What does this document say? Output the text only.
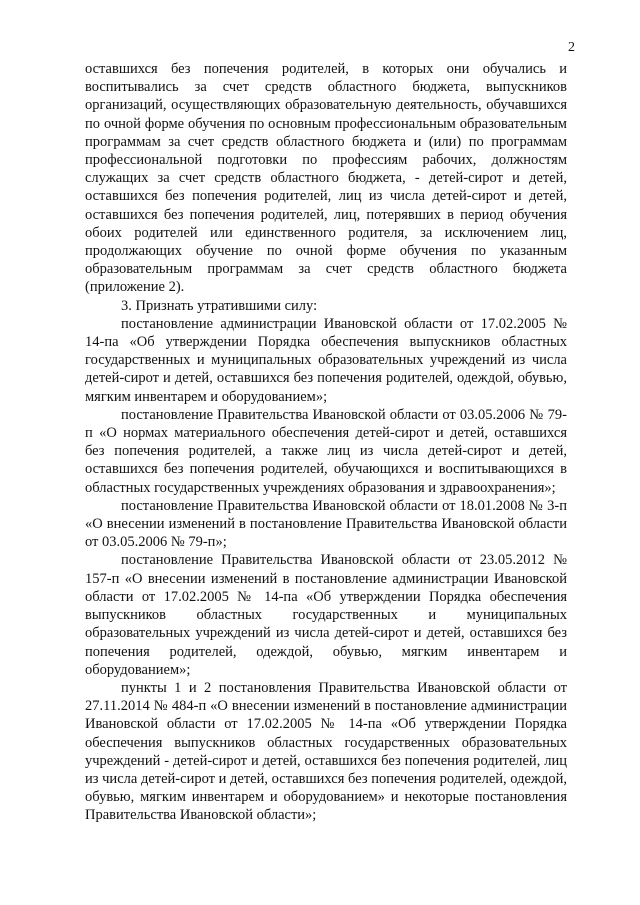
2

оставшихся без попечения родителей, в которых они обучались и воспитывались за счет средств областного бюджета, выпускников организаций, осуществляющих образовательную деятельность, обучавшихся по очной форме обучения по основным профессиональным образовательным программам за счет средств областного бюджета и (или) по программам профессиональной подготовки по профессиям рабочих, должностям служащих за счет средств областного бюджета, - детей-сирот и детей, оставшихся без попечения родителей, лиц из числа детей-сирот и детей, оставшихся без попечения родителей, лиц, потерявших в период обучения обоих родителей или единственного родителя, за исключением лиц, продолжающих обучение по очной форме обучения по указанным образовательным программам за счет средств областного бюджета (приложение 2).

3. Признать утратившими силу:

постановление администрации Ивановской области от 17.02.2005 № 14-па «Об утверждении Порядка обеспечения выпускников областных государственных и муниципальных образовательных учреждений из числа детей-сирот и детей, оставшихся без попечения родителей, одеждой, обувью, мягким инвентарем и оборудованием»;

постановление Правительства Ивановской области от 03.05.2006 № 79-п «О нормах материального обеспечения детей-сирот и детей, оставшихся без попечения родителей, а также лиц из числа детей-сирот и детей, оставшихся без попечения родителей, обучающихся и воспитывающихся в областных государственных учреждениях образования и здравоохранения»;

постановление Правительства Ивановской области от 18.01.2008 № 3-п «О внесении изменений в постановление Правительства Ивановской области от 03.05.2006 № 79-п»;

постановление Правительства Ивановской области от 23.05.2012 № 157-п «О внесении изменений в постановление администрации Ивановской области от 17.02.2005 № 14-па «Об утверждении Порядка обеспечения выпускников областных государственных и муниципальных образовательных учреждений из числа детей-сирот и детей, оставшихся без попечения родителей, одеждой, обувью, мягким инвентарем и оборудованием»;

пункты 1 и 2 постановления Правительства Ивановской области от 27.11.2014 № 484-п «О внесении изменений в постановление администрации Ивановской области от 17.02.2005 № 14-па «Об утверждении Порядка обеспечения выпускников областных государственных образовательных учреждений - детей-сирот и детей, оставшихся без попечения родителей, лиц из числа детей-сирот и детей, оставшихся без попечения родителей, одеждой, обувью, мягким инвентарем и оборудованием» и некоторые постановления Правительства Ивановской области»;
